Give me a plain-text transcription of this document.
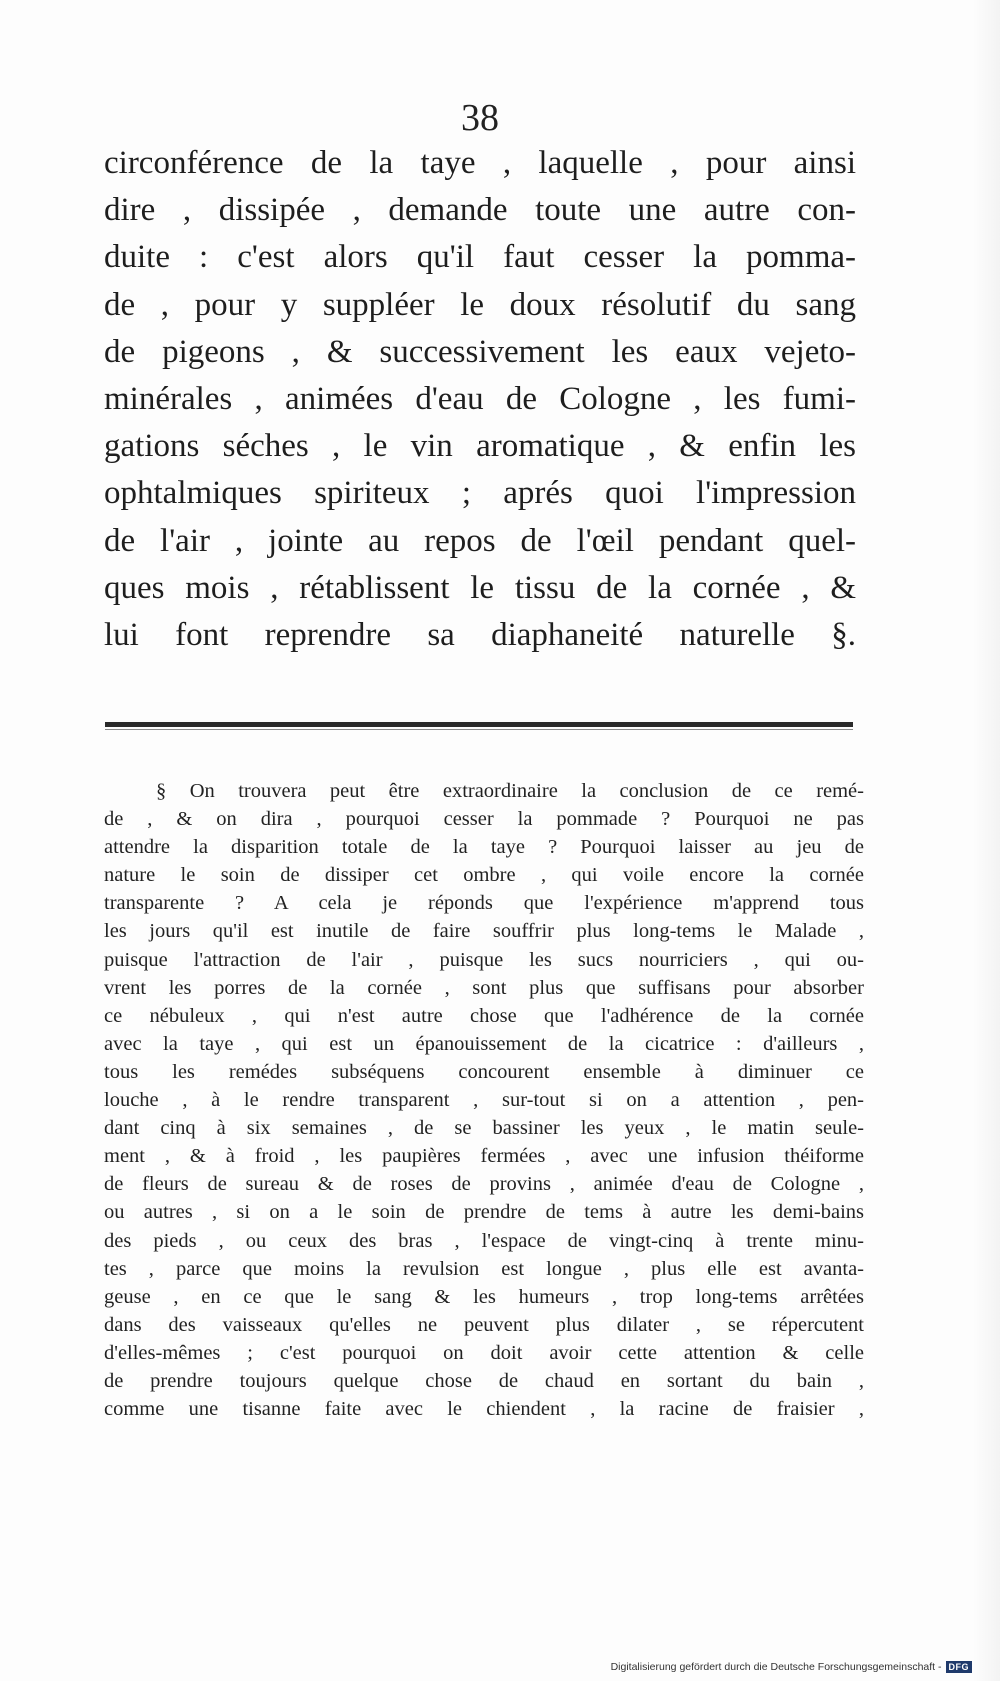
38
circonférence de la taye , laquelle , pour ainsi
dire , dissipée , demande toute une autre con-
duite : c'est alors qu'il faut cesser la pomma-
de , pour y suppléer le doux résolutif du sang
de pigeons , & successivement les eaux vejeto-
minérales , animées d'eau de Cologne , les fumi-
gations séches , le vin aromatique , & enfin les
ophtalmiques spiriteux ; aprés quoi l'impression
de l'air , jointe au repos de l'œil pendant quel-
ques mois , rétablissent le tissu de la cornée , &
lui font reprendre sa diaphaneité naturelle §.
§ On trouvera peut être extraordinaire la conclusion de ce remé-
de , & on dira , pourquoi cesser la pommade ? Pourquoi ne pas
attendre la disparition totale de la taye ? Pourquoi laisser au jeu de
nature le soin de dissiper cet ombre , qui voile encore la cornée
transparente ? A cela je réponds que l'expérience m'apprend tous
les jours qu'il est inutile de faire souffrir plus long-tems le Malade ,
puisque l'attraction de l'air , puisque les sucs nourriciers , qui ou-
vrent les porres de la cornée , sont plus que suffisans pour absorber
ce nébuleux , qui n'est autre chose que l'adhérence de la cornée
avec la taye , qui est un épanouissement de la cicatrice : d'ailleurs ,
tous les remédes subséquens concourent ensemble à diminuer ce
louche , à le rendre transparent , sur-tout si on a attention , pen-
dant cinq à six semaines , de se bassiner les yeux , le matin seule-
ment , & à froid , les paupières fermées , avec une infusion théiforme
de fleurs de sureau & de roses de provins , animée d'eau de Cologne ,
ou autres , si on a le soin de prendre de tems à autre les demi-bains
des pieds , ou ceux des bras , l'espace de vingt-cinq à trente minu-
tes , parce que moins la revulsion est longue , plus elle est avanta-
geuse , en ce que le sang & les humeurs , trop long-tems arrêtées
dans des vaisseaux qu'elles ne peuvent plus dilater , se répercutent
d'elles-mêmes ; c'est pourquoi on doit avoir cette attention & celle
de prendre toujours quelque chose de chaud en sortant du bain ,
comme une tisanne faite avec le chiendent , la racine de fraisier ,
Digitalisierung gefördert durch die Deutsche Forschungsgemeinschaft - DFG
